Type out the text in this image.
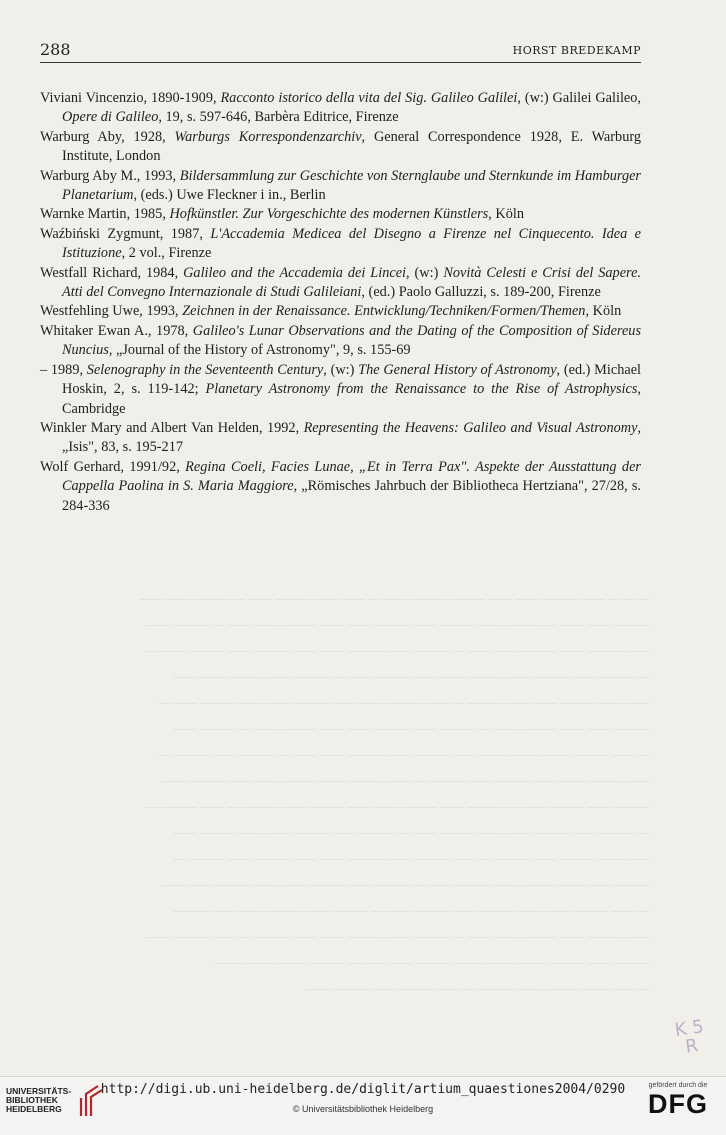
288	HORST BREDEKAMP

Viviani Vincenzio, 1890-1909, Racconto istorico della vita del Sig. Galileo Galilei, (w:) Galilei Galileo, Opere di Galileo, 19, s. 597-646, Barbèra Editrice, Firenze

Warburg Aby, 1928, Warburgs Korrespondenzarchiv, General Correspondence 1928, E. Warburg Institute, London

Warburg Aby M., 1993, Bildersammlung zur Geschichte von Sternglaube und Sternkunde im Hamburger Planetarium, (eds.) Uwe Fleckner i in., Berlin

Warnke Martin, 1985, Hofkünstler. Zur Vorgeschichte des modernen Künstlers, Köln

Waźbiński Zygmunt, 1987, L'Accademia Medicea del Disegno a Firenze nel Cinquecento. Idea e Istituzione, 2 vol., Firenze

Westfall Richard, 1984, Galileo and the Accademia dei Lincei, (w:) Novità Celesti e Crisi del Sapere. Atti del Convegno Internazionale di Studi Galileiani, (ed.) Paolo Galluzzi, s. 189-200, Firenze

Westfehling Uwe, 1993, Zeichnen in der Renaissance. Entwicklung/Techniken/Formen/Themen, Köln

Whitaker Ewan A., 1978, Galileo's Lunar Observations and the Dating of the Composition of Sidereus Nuncius, „Journal of the History of Astronomy", 9, s. 155-69

– 1989, Selenography in the Seventeenth Century, (w:) The General History of Astronomy, (ed.) Michael Hoskin, 2, s. 119-142; Planetary Astronomy from the Renaissance to the Rise of Astrophysics, Cambridge

Winkler Mary and Albert Van Helden, 1992, Representing the Heavens: Galileo and Visual Astronomy, „Isis", 83, s. 195-217

Wolf Gerhard, 1991/92, Regina Coeli, Facies Lunae, „Et in Terra Pax". Aspekte der Ausstattung der Cappella Paolina in S. Maria Maggiore, „Römisches Jahrbuch der Bibliotheca Hertziana", 27/28, s. 284-336

— — — —— ——— —— —— ——— ——— —— — —— —— ——— —— — ——— —— ——
——— —— —— — ——— —— ——— —— ——— —— —— ——— —— —— — ——— ——
—— ——— —— ——— —— —— — ——— —— ——— —— —— ——— —— ——— —— —
— ——— —— ——— —— ——— —— —— ——— —— — ——— —— ——— —— ——
—— —— ——— —— —— ——— — —— ——— —— —— ——— —— —— ——— —— —
——— —— —— ——— —— — ——— —— ——— —— —— ——— —— — ——— ——
— —— ——— —— ——— —— —— ——— —— ——— —— —— — ——— —— ——— —
—— ——— —— —— ——— —— ——— — —— ——— —— ——— —— —— ——— ——
——— —— ——— —— — ——— —— ——— —— —— ——— —— ——— — —— ——— —
— ——— —— ——— —— —— ——— —— — ——— —— ——— —— —— ——— ——
—— —— ——— —— ——— — —— ——— —— ——— —— —— ——— —— ——— —
——— —— —— ——— —— ——— —— — ——— —— ——— —— —— ——— —— ——
— —— ——— —— —— ——— —— ——— —— — ——— —— ——— —— —— ———
—— ——— —— ——— —— —— — ——— —— ——— —— —— ——— — —— ——— ——
——— —— ——— —— ——— —— ——— —— —— — ——— —— ——— ——
— —— —— ——— —— ——— — —— ——— —— ——— ——
K 5
R
UNIVERSITÄTS-
BIBLIOTHEK
HEIDELBERG
http://digi.ub.uni-heidelberg.de/diglit/artium_quaestiones2004/0290
© Universitätsbibliothek Heidelberg
gefördert durch die
DFG
